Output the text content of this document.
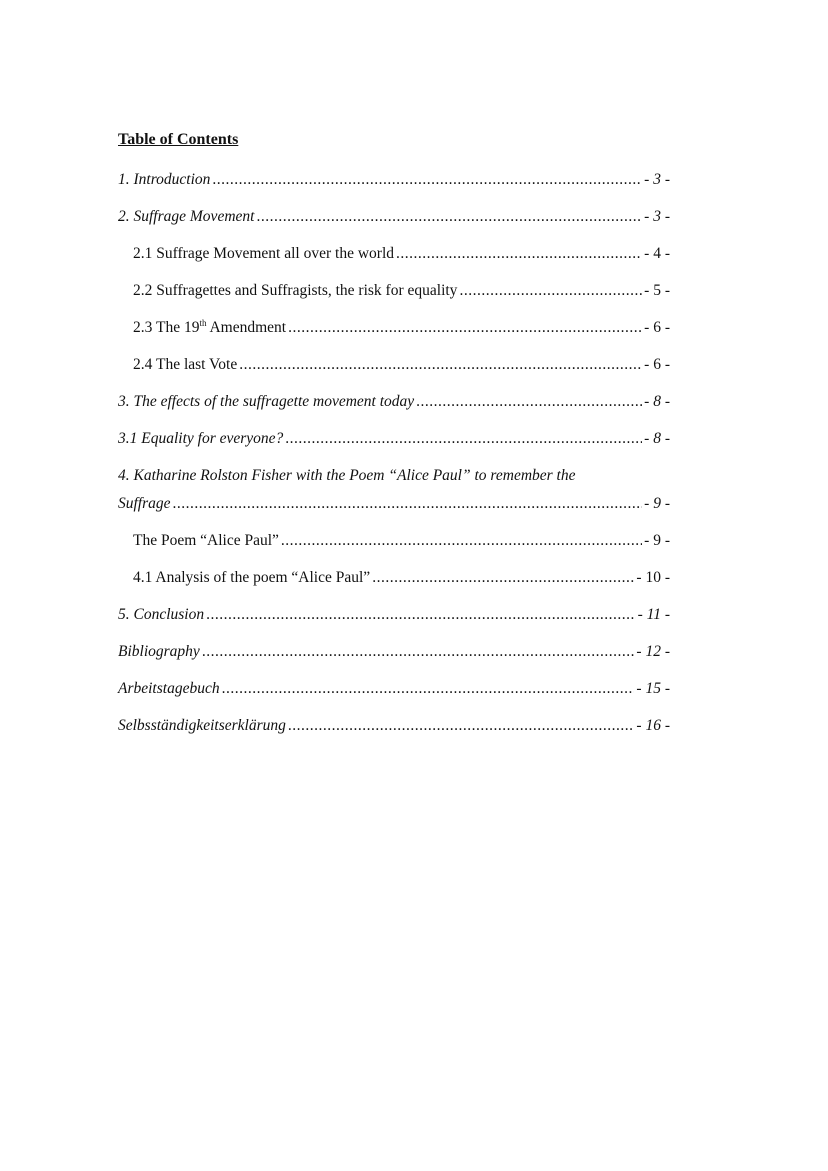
Table of Contents
1. Introduction .....	- 3 -
2. Suffrage Movement .....	- 3 -
2.1 Suffrage Movement all over the world .....	- 4 -
2.2 Suffragettes and Suffragists, the risk for equality .....	- 5 -
2.3 The 19th Amendment .....	- 6 -
2.4 The last Vote .....	- 6 -
3. The effects of the suffragette movement today .....	- 8 -
3.1 Equality for everyone? .....	- 8 -
4. Katharine Rolston Fisher with the Poem “Alice Paul” to remember the
Suffrage .....	- 9 -
The Poem “Alice Paul” .....	- 9 -
4.1 Analysis of the poem “Alice Paul” .....	- 10 -
5. Conclusion .....	- 11 -
Bibliography .....	- 12 -
Arbeitstagebuch .....	- 15 -
Selbsständigkeitserklärung .....	- 16 -
